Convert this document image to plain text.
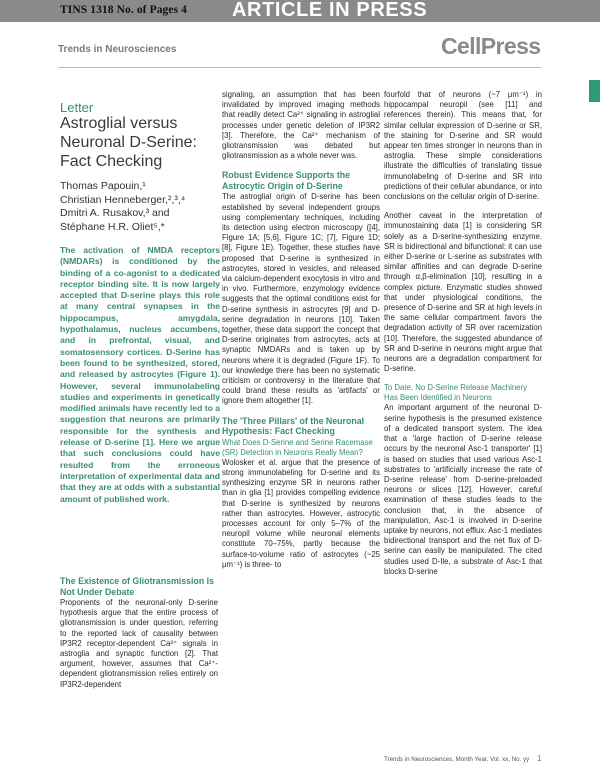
TINS 1318 No. of Pages 4 ARTICLE IN PRESS
Trends in Neurosciences	CellPress
Letter
Astroglial versus Neuronal D-Serine: Fact Checking
Thomas Papouin,¹
Christian Henneberger,²,³,⁴
Dmitri A. Rusakov,³ and
Stéphane H.R. Oliet⁵,*
The activation of NMDA receptors (NMDARs) is conditioned by the binding of a co-agonist to a dedicated receptor binding site. It is now largely accepted that D-serine plays this role at many central synapses in the hippocampus, amygdala, hypothalamus, nucleus accumbens, and in prefrontal, visual, and somatosensory cortices. D-Serine has been found to be synthesized, stored, and released by astrocytes (Figure 1). However, several immunolabeling studies and experiments in genetically modified animals have recently led to a suggestion that neurons are primarily responsible for the synthesis and release of D-serine [1]. Here we argue that such conclusions could have resulted from the erroneous interpretation of experimental data and that they are at odds with a substantial amount of published work.
The Existence of Gliotransmission Is Not Under Debate
Proponents of the neuronal-only D-serine hypothesis argue that the entire process of gliotransmission is under question, referring to the reported lack of causality between IP3R2 receptor-dependent Ca²⁺ signals in astroglia and synaptic function [2]. That argument, however, assumes that Ca²⁺-dependent gliotransmission relies entirely on IP3R2-dependent
signaling, an assumption that has been invalidated by improved imaging methods that readily detect Ca²⁺ signaling in astroglial processes under genetic deletion of IP3R2 [3]. Therefore, the Ca²⁺ mechanism of gliotransmission was debated but gliotransmission as a whole never was.
Robust Evidence Supports the Astrocytic Origin of D-Serine
The astroglial origin of D-serine has been established by several independent groups using complementary techniques, including its detection using electron microscopy ([4], Figure 1A; [5,6], Figure 1C; [7], Figure 1D; [8], Figure 1E). Together, these studies have proposed that D-serine is synthesized in astrocytes, stored in vesicles, and released via calcium-dependent exocytosis in vitro and in vivo. Furthermore, enzymology evidence suggests that the optimal conditions exist for D-serine synthesis in astrocytes [9] and D-serine degradation in neurons [10]. Taken together, these data support the concept that D-serine originates from astrocytes, acts at synaptic NMDARs and is taken up by neurons where it is degraded (Figure 1F). To our knowledge there has been no systematic criticism or controversy in the literature that could brand these results as 'artifacts' or ignore them altogether [1].
The 'Three Pillars' of the Neuronal Hypothesis: Fact Checking
What Does D-Serine and Serine Racemase (SR) Detection in Neurons Really Mean?
Wolosker et al. argue that the presence of strong immunolabeling for D-serine and its synthesizing enzyme SR in neurons rather than in glia [1] provides compelling evidence that D-serine is synthesized by neurons rather than astrocytes. However, astrocytic processes account for only 5–7% of the neuropil volume while neuronal elements constitute 70–75%, partly because the surface-to-volume ratio of astrocytes (~25 μm⁻¹) is three- to
fourfold that of neurons (~7 μm⁻¹) in hippocampal neuropil (see [11] and references therein). This means that, for similar cellular expression of D-serine or SR, the staining for D-serine and SR would appear ten times stronger in neurons than in astroglia. These simple considerations illustrate the difficulties of translating tissue immunolabeling of D-serine and SR into predictions of their cellular abundance, or into conclusions on the cellular origin of D-serine.
Another caveat in the interpretation of immunostaining data [1] is considering SR solely as a D-serine-synthesizing enzyme. SR is bidirectional and bifunctional: it can use either D-serine or L-serine as substrates with similar affinities and can degrade D-serine through α,β-elimination [10], resulting in a complex picture. Enzymatic studies showed that under physiological conditions, the presence of D-serine and SR at high levels in the same cellular compartment favors the degradation activity of SR over racemization [10]. Therefore, the suggested abundance of SR and D-serine in neurons might argue that neurons are a degradation compartment for D-serine.
To Date, No D-Serine Release Machinery Has Been Identified in Neurons
An important argument of the neuronal D-serine hypothesis is the presumed existence of a dedicated transport system. The idea that a 'large fraction of D-serine release occurs by the neuronal Asc-1 transporter' [1] is based on studies that used various Asc-1 substrates to 'artificially increase the rate of D-serine release' from D-serine-preloaded neurons or slices [12]. However, careful examination of these studies leads to the conclusion that, in the absence of manipulation, Asc-1 is involved in D-serine uptake by neurons, not efflux. Asc-1 mediates bidirectional transport and the net flux of D-serine can easily be manipulated. The cited studies used D-Ile, a substrate of Asc-1 that blocks D-serine
Trends in Neurosciences, Month Year, Vol. xx, No. yy 1
